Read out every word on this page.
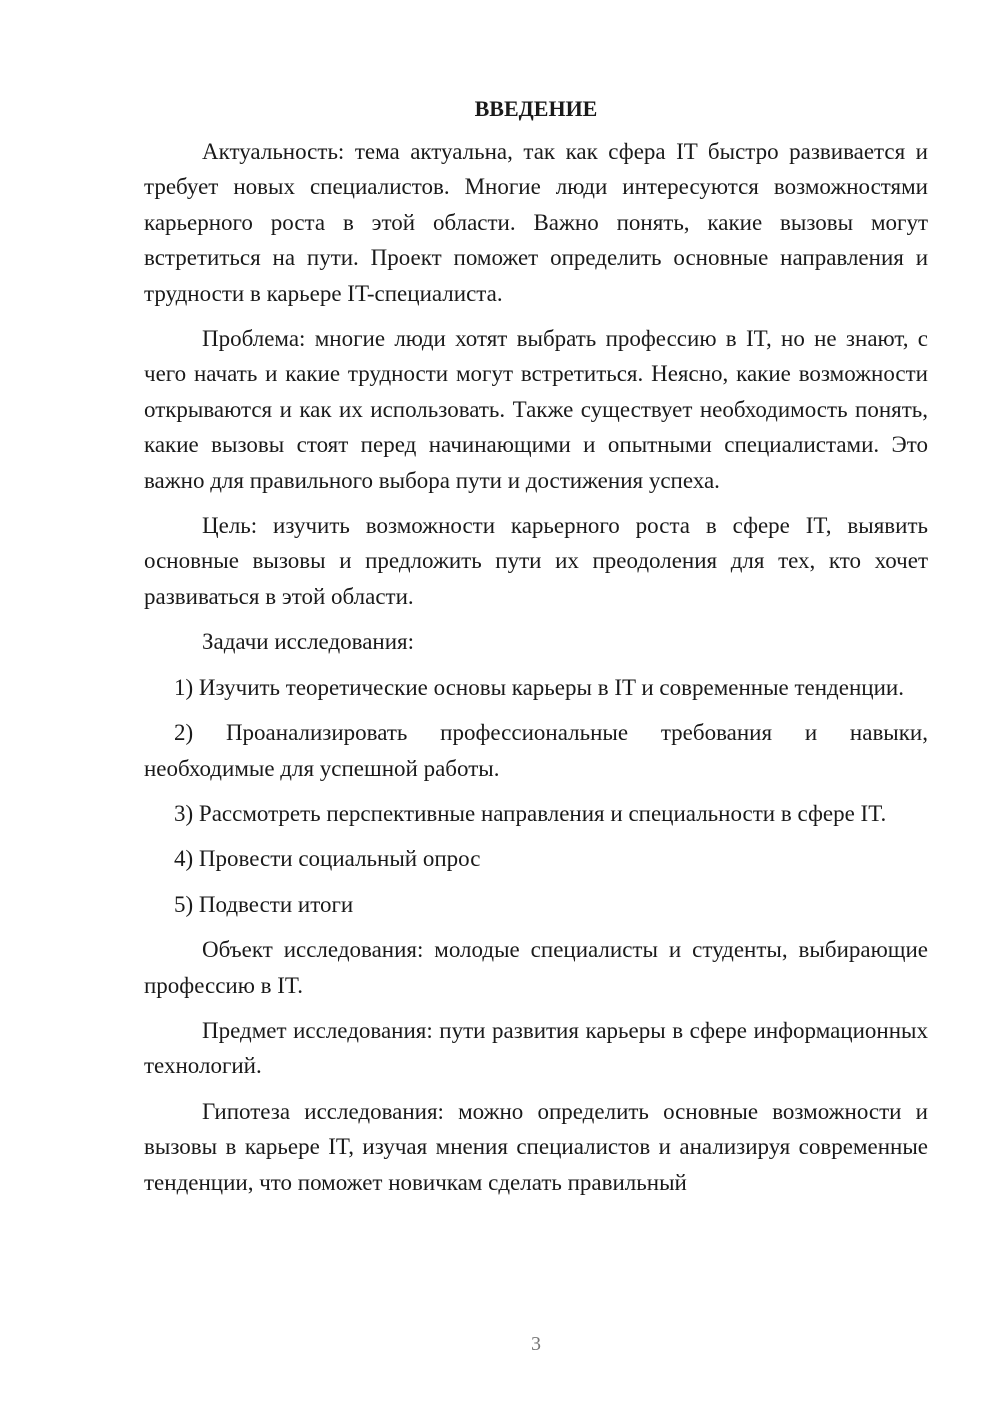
ВВЕДЕНИЕ

Актуальность: тема актуальна, так как сфера IT быстро развивается и требует новых специалистов. Многие люди интересуются возможностями карьерного роста в этой области. Важно понять, какие вызовы могут встретиться на пути. Проект поможет определить основные направления и трудности в карьере IT-специалиста.

Проблема: многие люди хотят выбрать профессию в IT, но не знают, с чего начать и какие трудности могут встретиться. Неясно, какие возможности открываются и как их использовать. Также существует необходимость понять, какие вызовы стоят перед начинающими и опытными специалистами. Это важно для правильного выбора пути и достижения успеха.

Цель: изучить возможности карьерного роста в сфере IT, выявить основные вызовы и предложить пути их преодоления для тех, кто хочет развиваться в этой области.

Задачи исследования:

1) Изучить теоретические основы карьеры в IT и современные тенденции.

2) Проанализировать профессиональные требования и навыки, необходимые для успешной работы.

3) Рассмотреть перспективные направления и специальности в сфере IT.

4) Провести социальный опрос

5) Подвести итоги

Объект исследования: молодые специалисты и студенты, выбирающие профессию в IT.

Предмет исследования: пути развития карьеры в сфере информационных технологий.

Гипотеза исследования: можно определить основные возможности и вызовы в карьере IT, изучая мнения специалистов и анализируя современные тенденции, что поможет новичкам сделать правильный

3
